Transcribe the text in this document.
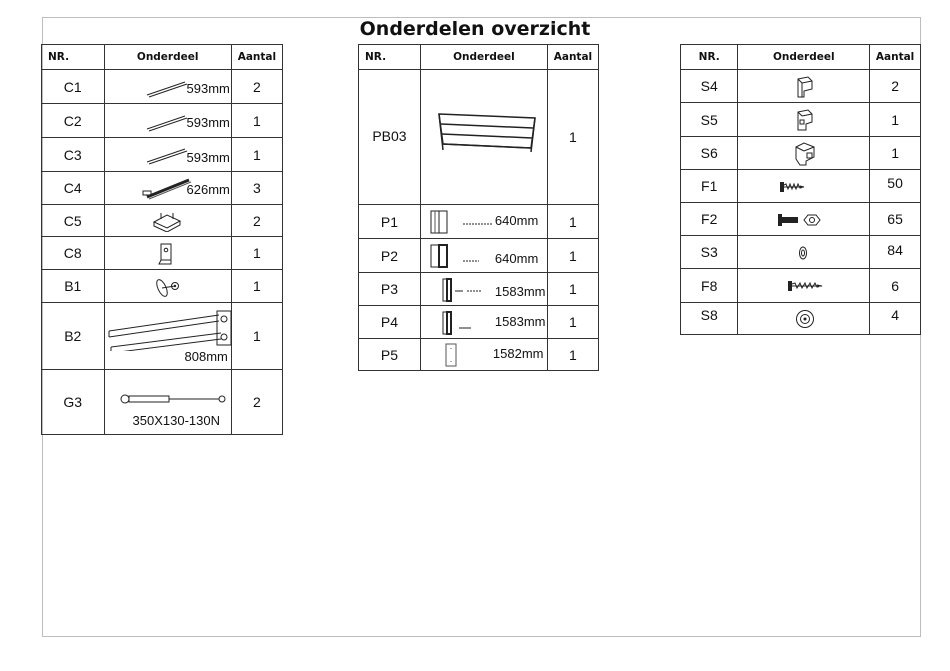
Onderdelen overzicht
NR.	Onderdeel	Aantal
C1	593mm	2
C2	593mm	1
C3	593mm	1
C4	626mm	3
C5		2
C8		1
B1		1
B2	808mm	1
G3	350X130-130N	2
NR.	Onderdeel	Aantal
PB03		1
P1	640mm	1
P2	640mm	1
P3	1583mm	1
P4	1583mm	1
P5	1582mm	1
NR.	Onderdeel	Aantal
S4		2
S5		1
S6		1
F1		50
F2		65
S3		84
F8		6
S8		4
